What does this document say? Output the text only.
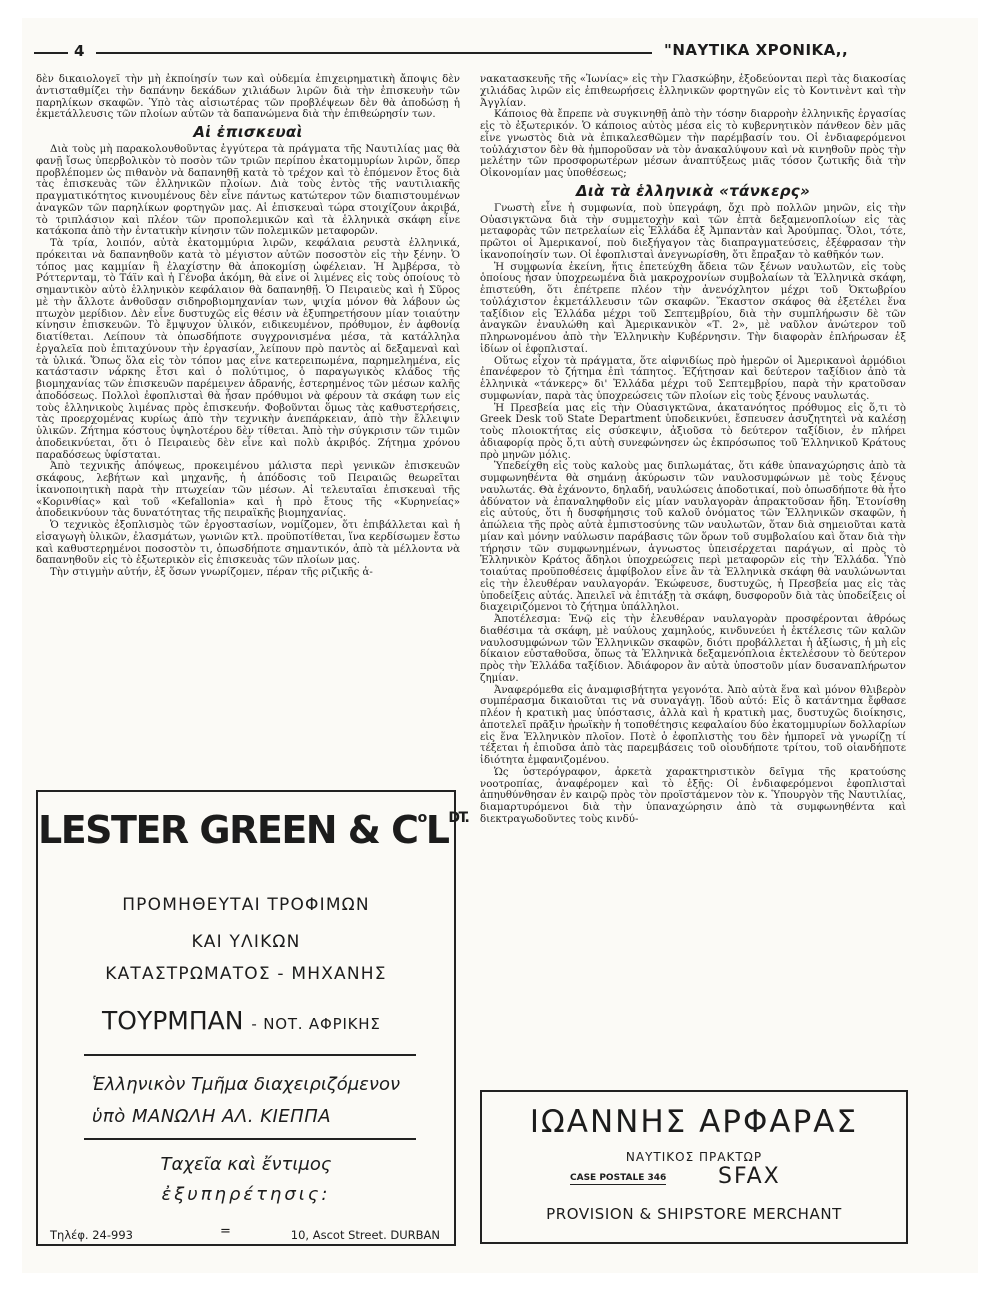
4	"ΝΑΥΤΙΚΑ ΧΡΟΝΙΚΑ,,

δὲν δικαιολογεῖ τὴν μὴ ἐκποίησίν των καὶ οὐδεμία ἐπιχειρηματικὴ ἄποψις δὲν ἀντισταθμίζει τὴν δαπάνην δεκάδων χιλιάδων λιρῶν διὰ τὴν ἐπισκευὴν τῶν παρηλίκων σκαφῶν. Ὑπὸ τὰς αἰσιωτέρας τῶν προβλέψεων δὲν θὰ ἀποδώσῃ ἡ ἐκμετάλλευσις τῶν πλοίων αὐτῶν τὰ δαπανώμενα διὰ τὴν ἐπιθεώρησίν των.

Αἱ ἐπισκευαὶ

Διὰ τοὺς μὴ παρακολουθοῦντας ἐγγύτερα τὰ πράγματα τῆς Ναυτιλίας μας θὰ φανῇ ἴσως ὑπερβολικὸν τὸ ποσὸν τῶν τριῶν περίπου ἑκατομμυρίων λιρῶν, ὅπερ προβλέπομεν ὡς πιθανὸν νὰ δαπανηθῇ κατὰ τὸ τρέχον καὶ τὸ ἑπόμενον ἔτος διὰ τὰς ἐπισκευὰς τῶν ἑλληνικῶν πλοίων. Διὰ τοὺς ἐντὸς τῆς ναυτιλιακῆς πραγματικότητος κινουμένους δὲν εἶνε πάντως κατώτερον τῶν διαπιστουμένων ἀναγκῶν τῶν παρηλίκων φορτηγῶν μας. Αἱ ἐπισκευαὶ τώρα στοιχίζουν ἀκριβά, τὸ τριπλάσιον καὶ πλέον τῶν προπολεμικῶν καὶ τὰ ἑλληνικὰ σκάφη εἶνε κατάκοπα ἀπὸ τὴν ἐντατικὴν κίνησιν τῶν πολεμικῶν μεταφορῶν.

Τὰ τρία, λοιπόν, αὐτὰ ἑκατομμύρια λιρῶν, κεφάλαια ρευστὰ ἑλληνικά, πρόκειται νὰ δαπανηθοῦν κατὰ τὸ μέγιστον αὐτῶν ποσοστὸν εἰς τὴν ξένην. Ὁ τόπος μας καμμίαν ἢ ἐλαχίστην θὰ ἀποκομίσῃ ὠφέλειαν. Ἡ Ἀμβέρσα, τὸ Ρόττερνταμ, τὸ Τάϊν καὶ ἡ Γένοβα ἀκόμη, θὰ εἶνε οἱ λιμένες εἰς τοὺς ὁποίους τὸ σημαντικὸν αὐτὸ ἑλληνικὸν κεφάλαιον θὰ δαπανηθῇ. Ὁ Πειραιεὺς καὶ ἡ Σῦρος μὲ τὴν ἄλλοτε ἀνθοῦσαν σιδηροβιομηχανίαν των, ψιχία μόνον θὰ λάβουν ὡς πτωχὸν μερίδιον. Δὲν εἶνε δυστυχῶς εἰς θέσιν νὰ ἐξυπηρετήσουν μίαν τοιαύτην κίνησιν ἐπισκευῶν. Τὸ ἔμψυχον ὑλικόν, ειδικευμένον, πρόθυμον, ἐν ἀφθονίᾳ διατίθεται. Λείπουν τὰ ὁπωσδήποτε συγχρονισμένα μέσα, τὰ κατάλληλα ἐργαλεῖα ποὺ ἐπιταχύνουν τὴν ἐργασίαν, λείπουν πρὸ παντὸς αἱ δεξαμεναὶ καὶ τὰ ὑλικά. Ὅπως ὅλα εἰς τὸν τόπον μας εἶνε κατερειπωμένα, παρημελημένα, εἰς κατάστασιν νάρκης ἔτσι καὶ ὁ πολύτιμος, ὁ παραγωγικὸς κλάδος τῆς βιομηχανίας τῶν ἐπισκευῶν παρέμεινεν ἀδρανής, ἐστερημένος τῶν μέσων καλῆς ἀποδόσεως. Πολλοὶ ἐφοπλισταὶ θὰ ἦσαν πρόθυμοι νὰ φέρουν τὰ σκάφη των εἰς τοὺς ἑλληνικοὺς λιμένας πρὸς ἐπισκευήν. Φοβοῦνται ὅμως τὰς καθυστερήσεις, τὰς προερχομένας κυρίως ἀπὸ τὴν τεχνικὴν ἀνεπάρκειαν, ἀπὸ τὴν ἔλλειψιν ὑλικῶν. Ζήτημα κόστους ὑψηλοτέρου δὲν τίθεται. Ἀπὸ τὴν σύγκρισιν τῶν τιμῶν ἀποδεικνύεται, ὅτι ὁ Πειραιεὺς δὲν εἶνε καὶ πολὺ ἀκριβός. Ζήτημα χρόνου παραδόσεως ὑφίσταται.

Ἀπὸ τεχνικῆς ἀπόψεως, προκειμένου μάλιστα περὶ γενικῶν ἐπισκευῶν σκάφους, λεβήτων καὶ μηχανῆς, ἡ ἀπόδοσις τοῦ Πειραιῶς θεωρεῖται ἱκανοποιητικὴ παρὰ τὴν πτωχείαν τῶν μέσων. Αἱ τελευταῖαι ἐπισκευαὶ τῆς «Κορινθίας» καὶ τοῦ «Kefallonia» καὶ ἡ πρὸ ἔτους τῆς «Κυρηνείας» ἀποδεικνύουν τὰς δυνατότητας τῆς πειραϊκῆς βιομηχανίας.

Ὁ τεχνικὸς ἐξοπλισμὸς τῶν ἐργοστασίων, νομίζομεν, ὅτι ἐπιβάλλεται καὶ ἡ εἰσαγωγὴ ὑλικῶν, ἐλασμάτων, γωνιῶν κτλ. προϋποτίθεται, ἵνα κερδίσωμεν ἔστω καὶ καθυστερημένοι ποσοστὸν τι, ὁπωσδήποτε σημαντικόν, ἀπὸ τὰ μέλλοντα νὰ δαπανηθοῦν εἰς τὸ ἐξωτερικὸν εἰς ἐπισκευὰς τῶν πλοίων μας.

Τὴν στιγμὴν αὐτήν, ἐξ ὅσων γνωρίζομεν, πέραν τῆς ριζικῆς ἀ-

νακατασκευῆς τῆς «Ἰωνίας» εἰς τὴν Γλασκώβην, ἐξοδεύονται περὶ τὰς διακοσίας χιλιάδας λιρῶν εἰς ἐπιθεωρήσεις ἑλληνικῶν φορτηγῶν εἰς τὸ Κοντινὲντ καὶ τὴν Ἀγγλίαν.

Κάποιος θὰ ἔπρεπε νὰ συγκινηθῇ ἀπὸ τὴν τόσην διαρροὴν ἑλληνικῆς ἐργασίας εἰς τὸ ἐξωτερικόν. Ὁ κάποιος αὐτὸς μέσα εἰς τὸ κυβερνητικὸν πάνθεον δὲν μᾶς εἶνε γνωστὸς διὰ νὰ ἐπικαλεσθῶμεν τὴν παρέμβασίν του. Οἱ ἐνδιαφερόμενοι τοὐλάχιστον δὲν θὰ ἠμποροῦσαν νὰ τὸν ἀνακαλύψουν καὶ νὰ κινηθοῦν πρὸς τὴν μελέτην τῶν προσφορωτέρων μέσων ἀναπτύξεως μιᾶς τόσον ζωτικῆς διὰ τὴν Οἰκονομίαν μας ὑποθέσεως;

Διὰ τὰ ἑλληνικὰ «τάνκερς»

Γνωστὴ εἶνε ἡ συμφωνία, ποὺ ὑπεγράφη, ὄχι πρὸ πολλῶν μηνῶν, εἰς τὴν Οὐασιγκτῶνα διὰ τὴν συμμετοχὴν καὶ τῶν ἑπτὰ δεξαμενοπλοίων εἰς τὰς μεταφορὰς τῶν πετρελαίων εἰς Ἑλλάδα ἐξ Ἀμπαντὰν καὶ Ἀρούμπας. Ὅλοι, τότε, πρῶτοι οἱ Ἀμερικανοί, ποὺ διεξήγαγον τὰς διαπραγματεύσεις, ἐξέφρασαν τὴν ἱκανοποίησίν των. Οἱ ἐφοπλισταὶ ἀνεγνωρίσθη, ὅτι ἔπραξαν τὸ καθῆκόν των.

Ἡ συμφωνία ἐκείνη, ἥτις ἐπετεύχθη ἄδεια τῶν ξένων ναυλωτῶν, εἰς τοὺς ὁποίους ἦσαν ὑποχρεωμένα διὰ μακροχρονίων συμβολαίων τὰ Ἑλληνικὰ σκάφη, ἐπιστεύθη, ὅτι ἐπέτρεπε πλέον τὴν ἀνενόχλητον μέχρι τοῦ Ὀκτωβρίου τοὐλάχιστον ἐκμετάλλευσιν τῶν σκαφῶν. Ἕκαστον σκάφος θὰ ἐξετέλει ἕνα ταξίδιον εἰς Ἑλλάδα μέχρι τοῦ Σεπτεμβρίου, διὰ τὴν συμπλήρωσιν δὲ τῶν ἀναγκῶν ἐναυλώθη καὶ Ἀμερικανικὸν «Τ. 2», μὲ ναῦλον ἀνώτερον τοῦ πληρωνομένου ἀπὸ τὴν Ἑλληνικὴν Κυβέρνησιν. Τὴν διαφορὰν ἐπλήρωσαν ἐξ ἰδίων οἱ ἐφοπλισταί.

Οὕτως εἶχον τὰ πράγματα, ὅτε αἰφνιδίως πρὸ ἡμερῶν οἱ Ἀμερικανοὶ ἁρμόδιοι ἐπανέφερον τὸ ζήτημα ἐπὶ τάπητος. Ἐζήτησαν καὶ δεύτερον ταξίδιον ἀπὸ τὰ ἑλληνικὰ «τάνκερς» δι' Ἑλλάδα μέχρι τοῦ Σεπτεμβρίου, παρὰ τὴν κρατοῦσαν συμφωνίαν, παρὰ τὰς ὑποχρεώσεις τῶν πλοίων εἰς τοὺς ξένους ναυλωτάς.

Ἡ Πρεσβεία μας εἰς τὴν Οὐασιγκτῶνα, ἀκατανόητος πρόθυμος εἰς ὅ,τι τὸ Greek Desk τοῦ State Department ὑποδεικνύει, ἔσπευσεν ἀσυζητητεὶ νὰ καλέσῃ τοὺς πλοιοκτήτας εἰς σύσκεψιν, ἀξιοῦσα τὸ δεύτερον ταξίδιον, ἐν πλήρει ἀδιαφορίᾳ πρὸς ὅ,τι αὐτὴ συνεφώνησεν ὡς ἐκπρόσωπος τοῦ Ἑλληνικοῦ Κράτους πρὸ μηνῶν μόλις.

Ὑπεδείχθη εἰς τοὺς καλοὺς μας διπλωμάτας, ὅτι κάθε ὑπαναχώρησις ἀπὸ τὰ συμφωνηθέντα θὰ σημάνῃ ἀκύρωσιν τῶν ναυλοσυμφώνων μὲ τοὺς ξένους ναυλωτάς. Θὰ ἐχάνοντο, δηλαδή, ναυλώσεις ἀποδοτικαί, ποὺ ὁπωσδήποτε θὰ ἦτο ἀδύνατον νὰ ἐπαναληφθοῦν εἰς μίαν ναυλαγορὰν ἀπρακτοῦσαν ἤδη. Ἐτονίσθη εἰς αὐτούς, ὅτι ἡ δυσφήμησις τοῦ καλοῦ ὀνόματος τῶν Ἑλληνικῶν σκαφῶν, ἡ ἀπώλεια τῆς πρὸς αὐτὰ ἐμπιστοσύνης τῶν ναυλωτῶν, ὅταν διὰ σημειοῦται κατὰ μίαν καὶ μόνην ναύλωσιν παράβασις τῶν ὅρων τοῦ συμβολαίου καὶ ὅταν διὰ τὴν τήρησιν τῶν συμφωνημένων, ἀγνωστος ὑπεισέρχεται παράγων, αἱ πρὸς τὸ Ἑλληνικὸν Κράτος ἄδηλοι ὑποχρεώσεις περὶ μεταφορῶν εἰς τὴν Ἑλλάδα. Ὑπὸ τοιαύτας προϋποθέσεις ἀμφίβολον εἶνε ἂν τὰ Ἑλληνικὰ σκάφη θὰ ναυλώνωνται εἰς τὴν ἐλευθέραν ναυλαγοράν. Ἐκώφευσε, δυστυχῶς, ἡ Πρεσβεία μας εἰς τὰς ὑποδείξεις αὐτάς. Ἀπειλεῖ νὰ ἐπιτάξῃ τὰ σκάφη, δυσφοροῦν διὰ τὰς ὑποδείξεις οἱ διαχειριζόμενοι τὸ ζήτημα ὑπάλληλοι.

Ἀποτέλεσμα: Ἐνῷ εἰς τὴν ἐλευθέραν ναυλαγορὰν προσφέρονται ἀθρόως διαθέσιμα τὰ σκάφη, μὲ ναύλους χαμηλούς, κινδυνεύει ἡ ἐκτέλεσις τῶν καλῶν ναυλοσυμφώνων τῶν Ἑλληνικῶν σκαφῶν, διότι προβάλλεται ἡ ἀξίωσις, ἡ μὴ εἰς δίκαιον εὐσταθοῦσα, ὅπως τὰ Ἑλληνικὰ δεξαμενόπλοια ἐκτελέσουν τὸ δεύτερον πρὸς τὴν Ἑλλάδα ταξίδιον. Ἀδιάφορον ἂν αὐτὰ ὑποστοῦν μίαν δυσαναπλήρωτον ζημίαν.

Ἀναφερόμεθα εἰς ἀναμφισβήτητα γεγονότα. Ἀπὸ αὐτὰ ἕνα καὶ μόνον θλιβερὸν συμπέρασμα δικαιοῦται τις νὰ συναγάγῃ. Ἰδοὺ αὐτό: Εἰς ὃ κατάντημα ἔφθασε πλέον ἡ κρατικὴ μας ὑπόστασις, ἀλλὰ καὶ ἡ κρατικὴ μας, δυστυχῶς διοίκησις, ἀποτελεῖ πρᾶξιν ἠρωϊκὴν ἡ τοποθέτησις κεφαλαίου δύο ἑκατομμυρίων δολλαρίων εἰς ἕνα Ἑλληνικὸν πλοῖον. Ποτὲ ὁ ἐφοπλιστὴς του δὲν ἠμπορεῖ νὰ γνωρίζῃ τί τέξεται ἡ ἐπιοῦσα ἀπὸ τὰς παρεμβάσεις τοῦ οἱουδήποτε τρίτου, τοῦ οἱανδήποτε ἰδιότητα ἐμφανιζομένου.

Ὡς ὑστερόγραφον, ἀρκετὰ χαρακτηριστικὸν δεῖγμα τῆς κρατούσης νοοτροπίας, ἀναφέρομεν καὶ τὸ ἑξῆς: Οἱ ἐνδιαφερόμενοι ἐφοπλισταὶ ἀπηυθύνθησαν ἐν καιρῷ πρὸς τὸν προϊστάμενον τὸν κ. Ὑπουργὸν τῆς Ναυτιλίας, διαμαρτυρόμενοι διὰ τὴν ὑπαναχώρησιν ἀπὸ τὰ συμφωνηθέντα καὶ διεκτραγωδοῦντες τοὺς κινδύ-

LESTER GREEN & $C^oL^{DT.}$
ΠΡΟΜΗΘΕΥΤΑΙ ΤΡΟΦΙΜΩΝ
ΚΑΙ ΥΛΙΚΩΝ
ΚΑΤΑΣΤΡΩΜΑΤΟΣ - ΜΗΧΑΝΗΣ
ΤΟΥΡΜΠΑΝ - ΝΟΤ. ΑΦΡΙΚΗΣ
Ἑλληνικὸν Τμῆμα διαχειριζόμενον
ὑπὸ ΜΑΝΩΛΗ ΑΛ. ΚΙΕΠΠΑ
Ταχεῖα καὶ ἔντιμος
ἐξυπηρέτησις:
Τηλέφ. 24-993	=	10, Ascot Street. DURBAN
ΙΩΑΝΝΗΣ ΑΡΦΑΡΑΣ
ΝΑΥΤΙΚΟΣ ΠΡΑΚΤΩΡ
CASE POSTALE 346 SFAX
PROVISION & SHIPSTORE MERCHANT
